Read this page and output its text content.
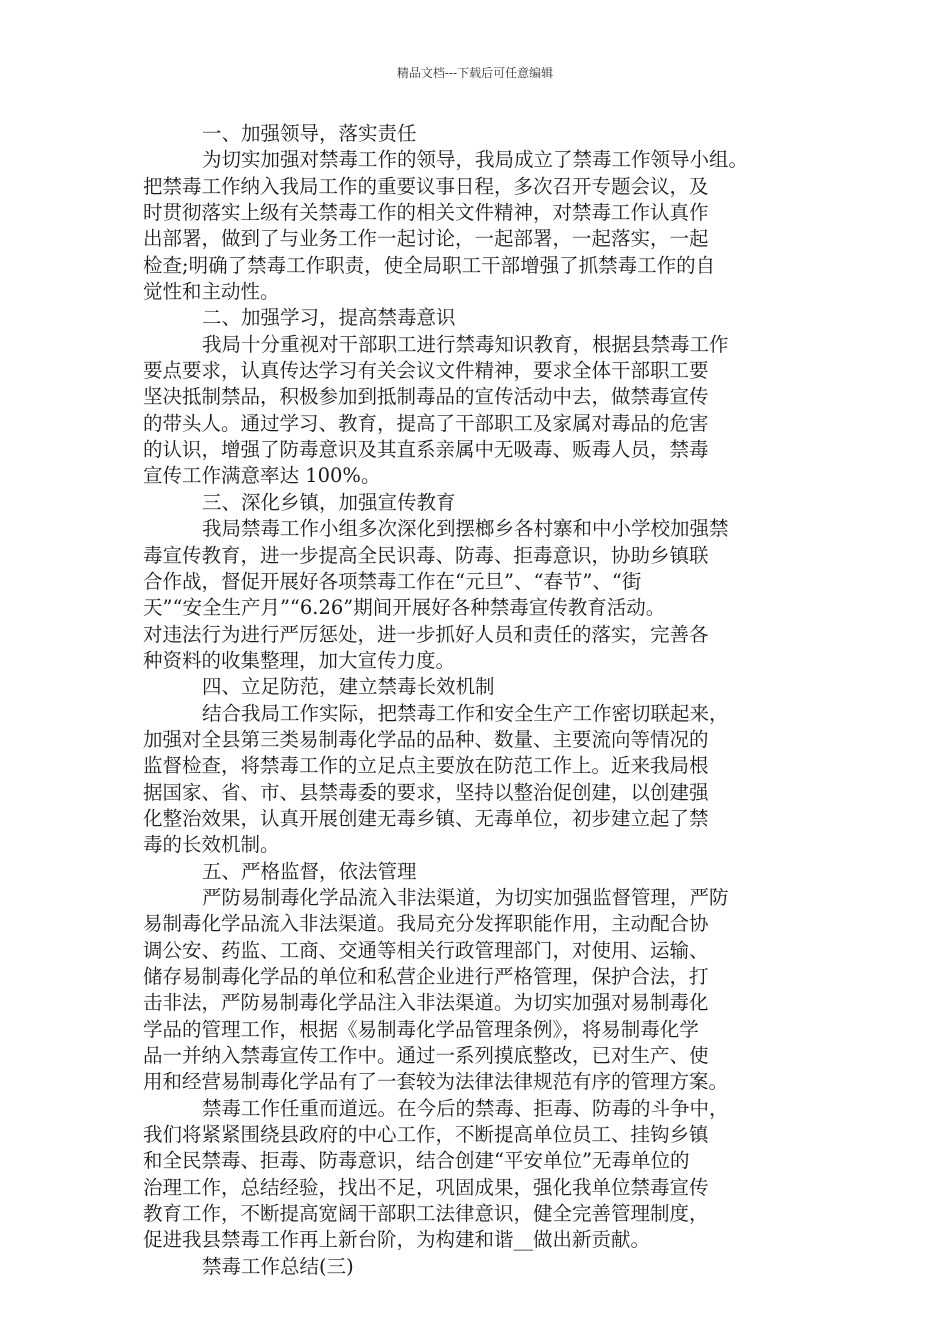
精品文档---下载后可任意编辑
一、加强领导，落实责任
为切实加强对禁毒工作的领导，我局成立了禁毒工作领导小组。
把禁毒工作纳入我局工作的重要议事日程，多次召开专题会议，及
时贯彻落实上级有关禁毒工作的相关文件精神，对禁毒工作认真作
出部署，做到了与业务工作一起讨论，一起部署，一起落实，一起
检查;明确了禁毒工作职责，使全局职工干部增强了抓禁毒工作的自
觉性和主动性。
二、加强学习，提高禁毒意识
我局十分重视对干部职工进行禁毒知识教育，根据县禁毒工作
要点要求，认真传达学习有关会议文件精神，要求全体干部职工要
坚决抵制禁品，积极参加到抵制毒品的宣传活动中去，做禁毒宣传
的带头人。通过学习、教育，提高了干部职工及家属对毒品的危害
的认识，增强了防毒意识及其直系亲属中无吸毒、贩毒人员，禁毒
宣传工作满意率达 100%。
三、深化乡镇，加强宣传教育
我局禁毒工作小组多次深化到摆榔乡各村寨和中小学校加强禁
毒宣传教育，进一步提高全民识毒、防毒、拒毒意识，协助乡镇联
合作战，督促开展好各项禁毒工作在“元旦”、“春节”、“街
天”“安全生产月”“6.26”期间开展好各种禁毒宣传教育活动。
对违法行为进行严厉惩处，进一步抓好人员和责任的落实，完善各
种资料的收集整理，加大宣传力度。
四、立足防范，建立禁毒长效机制
结合我局工作实际，把禁毒工作和安全生产工作密切联起来，
加强对全县第三类易制毒化学品的品种、数量、主要流向等情况的
监督检查，将禁毒工作的立足点主要放在防范工作上。近来我局根
据国家、省、市、县禁毒委的要求，坚持以整治促创建，以创建强
化整治效果，认真开展创建无毒乡镇、无毒单位，初步建立起了禁
毒的长效机制。
五、严格监督，依法管理
严防易制毒化学品流入非法渠道，为切实加强监督管理，严防
易制毒化学品流入非法渠道。我局充分发挥职能作用，主动配合协
调公安、药监、工商、交通等相关行政管理部门，对使用、运输、
储存易制毒化学品的单位和私营企业进行严格管理，保护合法，打
击非法，严防易制毒化学品注入非法渠道。为切实加强对易制毒化
学品的管理工作，根据《易制毒化学品管理条例》，将易制毒化学
品一并纳入禁毒宣传工作中。通过一系列摸底整改，已对生产、使
用和经营易制毒化学品有了一套较为法律法律规范有序的管理方案。
禁毒工作任重而道远。在今后的禁毒、拒毒、防毒的斗争中，
我们将紧紧围绕县政府的中心工作，不断提高单位员工、挂钩乡镇
和全民禁毒、拒毒、防毒意识，结合创建“平安单位”无毒单位的
治理工作，总结经验，找出不足，巩固成果，强化我单位禁毒宣传
教育工作，不断提高宽阔干部职工法律意识，健全完善管理制度，
促进我县禁毒工作再上新台阶，为构建和谐__做出新贡献。
禁毒工作总结(三)
